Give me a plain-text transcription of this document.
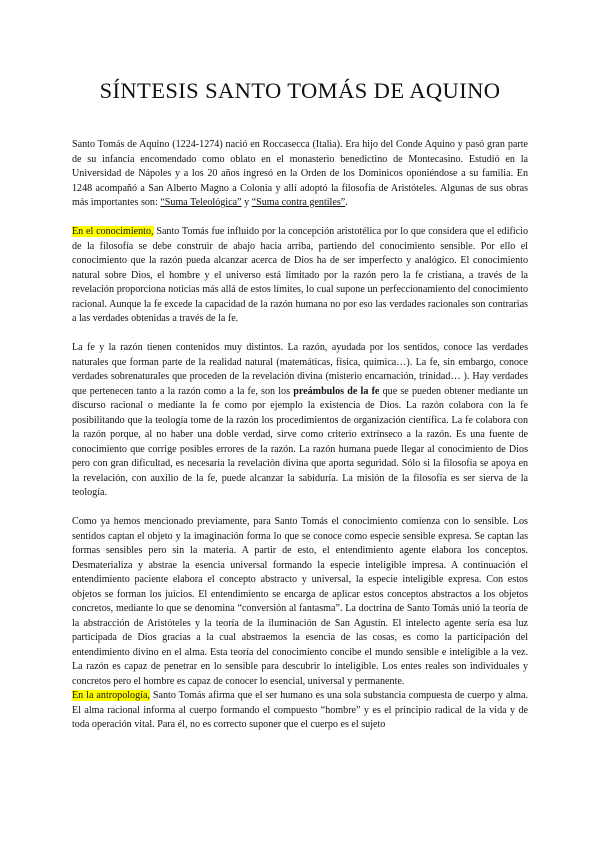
SÍNTESIS SANTO TOMÁS DE AQUINO

Santo Tomás de Aquino (1224-1274) nació en Roccasecca (Italia). Era hijo del Conde Aquino y pasó gran parte de su infancia encomendado como oblato en el monasterio benedictino de Montecasino. Estudió en la Universidad de Nápoles y a los 20 años ingresó en la Orden de los Dominicos oponiéndose a su familia. En 1248 acompañó a San Alberto Magno a Colonia y allí adoptó la filosofía de Aristóteles. Algunas de sus obras más importantes son: “Suma Teleológica” y “Suma contra gentiles”.

En el conocimiento, Santo Tomás fue influido por la concepción aristotélica por lo que considera que el edificio de la filosofía se debe construir de abajo hacia arriba, partiendo del conocimiento sensible. Por ello el conocimiento que la razón pueda alcanzar acerca de Dios ha de ser imperfecto y analógico. El conocimiento natural sobre Dios, el hombre y el universo está limitado por la razón pero la fe cristiana, a través de la revelación proporciona noticias más allá de estos límites, lo cual supone un perfeccionamiento del conocimiento racional. Aunque la fe excede la capacidad de la razón humana no por eso las verdades racionales son contrarias a las verdades obtenidas a través de la fe.

La fe y la razón tienen contenidos muy distintos. La razón, ayudada por los sentidos, conoce las verdades naturales que forman parte de la realidad natural (matemáticas, física, química…). La fe, sin embargo, conoce verdades sobrenaturales que proceden de la revelación divina (misterio encarnación, trinidad… ). Hay verdades que pertenecen tanto a la razón como a la fe, son los preámbulos de la fe que se pueden obtener mediante un discurso racional o mediante la fe como por ejemplo la existencia de Dios. La razón colabora con la fe posibilitando que la teología tome de la razón los procedimientos de organización científica. La fe colabora con la razón porque, al no haber una doble verdad, sirve como criterio extrínseco a la razón. Es una fuente de conocimiento que corrige posibles errores de la razón. La razón humana puede llegar al conocimiento de Dios pero con gran dificultad, es necesaria la revelación divina que aporta seguridad. Sólo si la filosofía se apoya en la revelación, con auxilio de la fe, puede alcanzar la sabiduría. La misión de la filosofía es ser sierva de la teología.

Como ya hemos mencionado previamente, para Santo Tomás el conocimiento comienza con lo sensible. Los sentidos captan el objeto y la imaginación forma lo que se conoce como especie sensible expresa. Se captan las formas sensibles pero sin la materia. A partir de esto, el entendimiento agente elabora los conceptos. Desmaterializa y abstrae la esencia universal formando la especie inteligible impresa. A continuación el entendimiento paciente elabora el concepto abstracto y universal, la especie inteligible expresa. Con estos objetos se forman los juicios. El entendimiento se encarga de aplicar estos conceptos abstractos a los objetos concretos, mediante lo que se denomina “conversión al fantasma”. La doctrina de Santo Tomás unió la teoría de la abstracción de Aristóteles y la teoría de la iluminación de San Agustín. El intelecto agente sería esa luz participada de Dios gracias a la cual abstraemos la esencia de las cosas, es como la participación del entendimiento divino en el alma. Esta teoría del conocimiento concibe el mundo sensible e inteligible a la vez. La razón es capaz de penetrar en lo sensible para descubrir lo inteligible. Los entes reales son individuales y concretos pero el hombre es capaz de conocer lo esencial, universal y permanente.

En la antropología, Santo Tomás afirma que el ser humano es una sola substancia compuesta de cuerpo y alma. El alma racional informa al cuerpo formando el compuesto “hombre” y es el principio radical de la vida y de toda operación vital. Para él, no es correcto suponer que el cuerpo es el sujeto
